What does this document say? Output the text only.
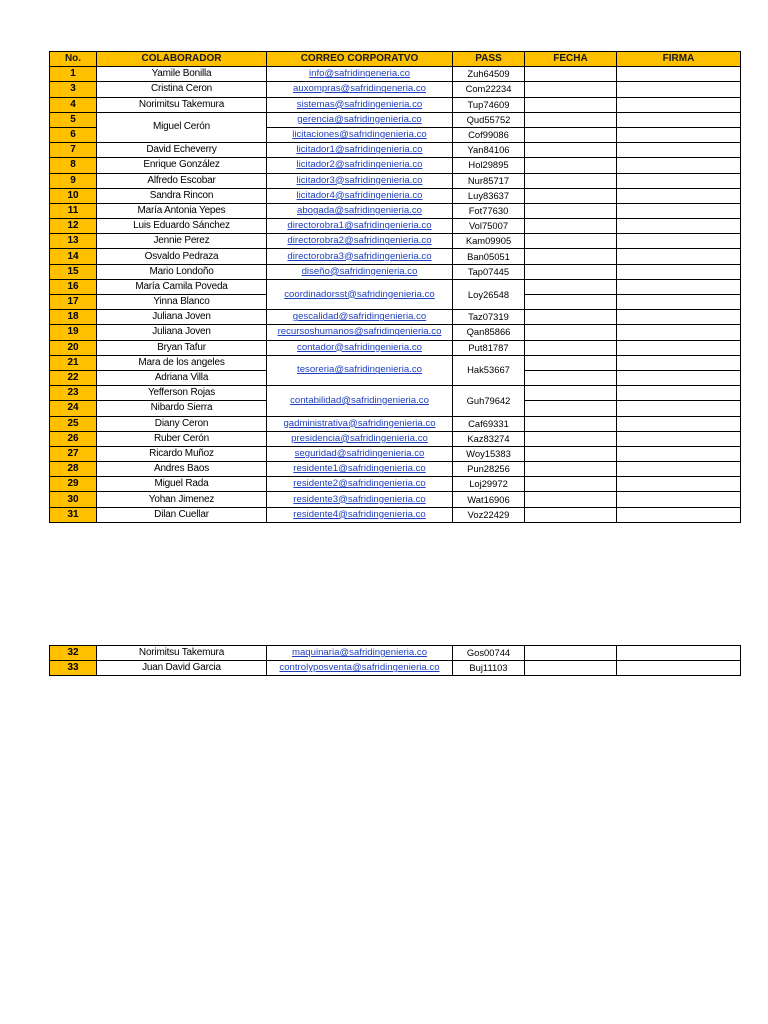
No.	COLABORADOR	CORREO CORPORATVO	PASS	FECHA	FIRMA
1	Yamile Bonilla	info@safridingeneria.co	Zuh64509		
3	Cristina Ceron	auxompras@safridingeneria.co	Com22234		
4	Norimitsu Takemura	sistemas@safridingenieria.co	Tup74609		
5	Miguel Cerón	gerencia@safridingenieria.co	Qud55752		
6		licitaciones@safridingenieria.co	Cof99086		
7	David Echeverry	licitador1@safridingenieria.co	Yan84106		
8	Enrique González	licitador2@safridingenieria.co	Hol29895		
9	Alfredo Escobar	licitador3@safridingenieria.co	Nur85717		
10	Sandra Rincon	licitador4@safridingenieria.co	Luy83637		
11	María Antonia Yepes	abogada@safridingenieria.co	Fot77630		
12	Luis Eduardo Sánchez	directorobra1@safridingenieria.co	Vol75007		
13	Jennie Perez	directorobra2@safridingenieria.co	Kam09905		
14	Osvaldo Pedraza	directorobra3@safridingenieria.co	Ban05051		
15	Mario Londoño	diseño@safridingenieria.co	Tap07445		
16	María Camila Poveda	coordinadorsst@safridingenieria.co	Loy26548		
17	Yinna Blanco				
18	Juliana Joven	gescalidad@safridingenieria.co	Taz07319		
19	Juliana Joven	recursoshumanos@safridingenieria.co	Qan85866		
20	Bryan Tafur	contador@safridingenieria.co	Put81787		
21	Mara de los angeles	tesoreria@safridingenieria.co	Hak53667		
22	Adriana Villa				
23	Yefferson Rojas	contabilidad@safridingenieria.co	Guh79642		
24	Nibardo Sierra				
25	Diany Ceron	gadministrativa@safridingenieria.co	Caf69331		
26	Ruber Cerón	presidencia@safridingenieria.co	Kaz83274		
27	Ricardo Muñoz	seguridad@safridingenieria.co	Woy15383		
28	Andres Baos	residente1@safridingenieria.co	Pun28256		
29	Miguel Rada	residente2@safridingenieria.co	Loj29972		
30	Yohan Jimenez	residente3@safridingenieria.co	Wat16906		
31	Dilan Cuellar	residente4@safridingenieria.co	Voz22429		
32	Norimitsu Takemura	maquinaria@safridingenieria.co	Gos00744		
33	Juan David Garcia	controlyposventa@safridingenieria.co	Buj11103		
